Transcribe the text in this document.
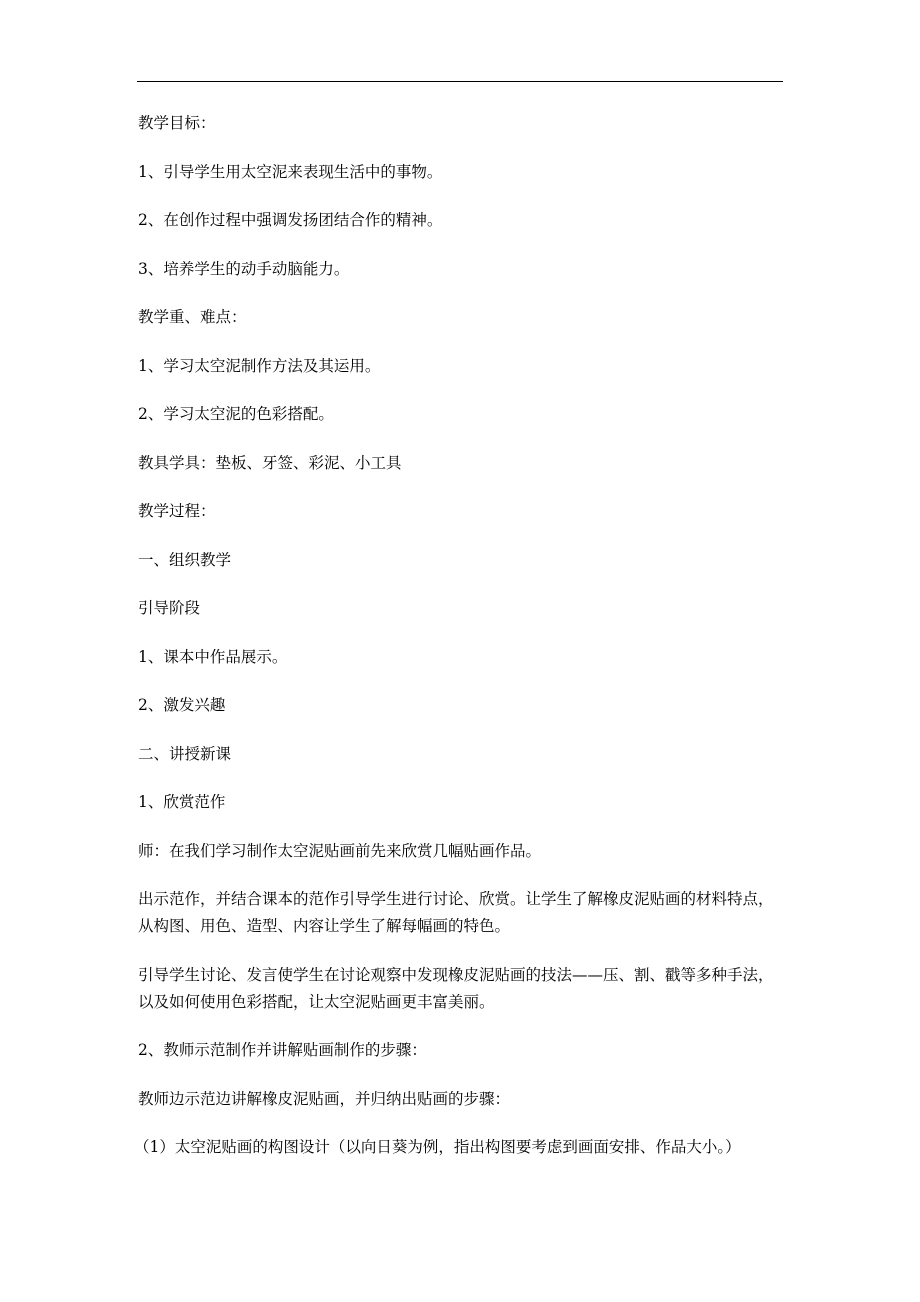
教学目标：

1、引导学生用太空泥来表现生活中的事物。

2、在创作过程中强调发扬团结合作的精神。

3、培养学生的动手动脑能力。

教学重、难点：

1、学习太空泥制作方法及其运用。

2、学习太空泥的色彩搭配。

教具学具：垫板、牙签、彩泥、小工具

教学过程：

一、组织教学

引导阶段

1、课本中作品展示。

2、激发兴趣

二、讲授新课

1、欣赏范作

师：在我们学习制作太空泥贴画前先来欣赏几幅贴画作品。

出示范作，并结合课本的范作引导学生进行讨论、欣赏。让学生了解橡皮泥贴画的材料特点，从构图、用色、造型、内容让学生了解每幅画的特色。

引导学生讨论、发言使学生在讨论观察中发现橡皮泥贴画的技法——压、割、戳等多种手法，以及如何使用色彩搭配，让太空泥贴画更丰富美丽。

2、教师示范制作并讲解贴画制作的步骤：

教师边示范边讲解橡皮泥贴画，并归纳出贴画的步骤：

（1）太空泥贴画的构图设计（以向日葵为例，指出构图要考虑到画面安排、作品大小。）
